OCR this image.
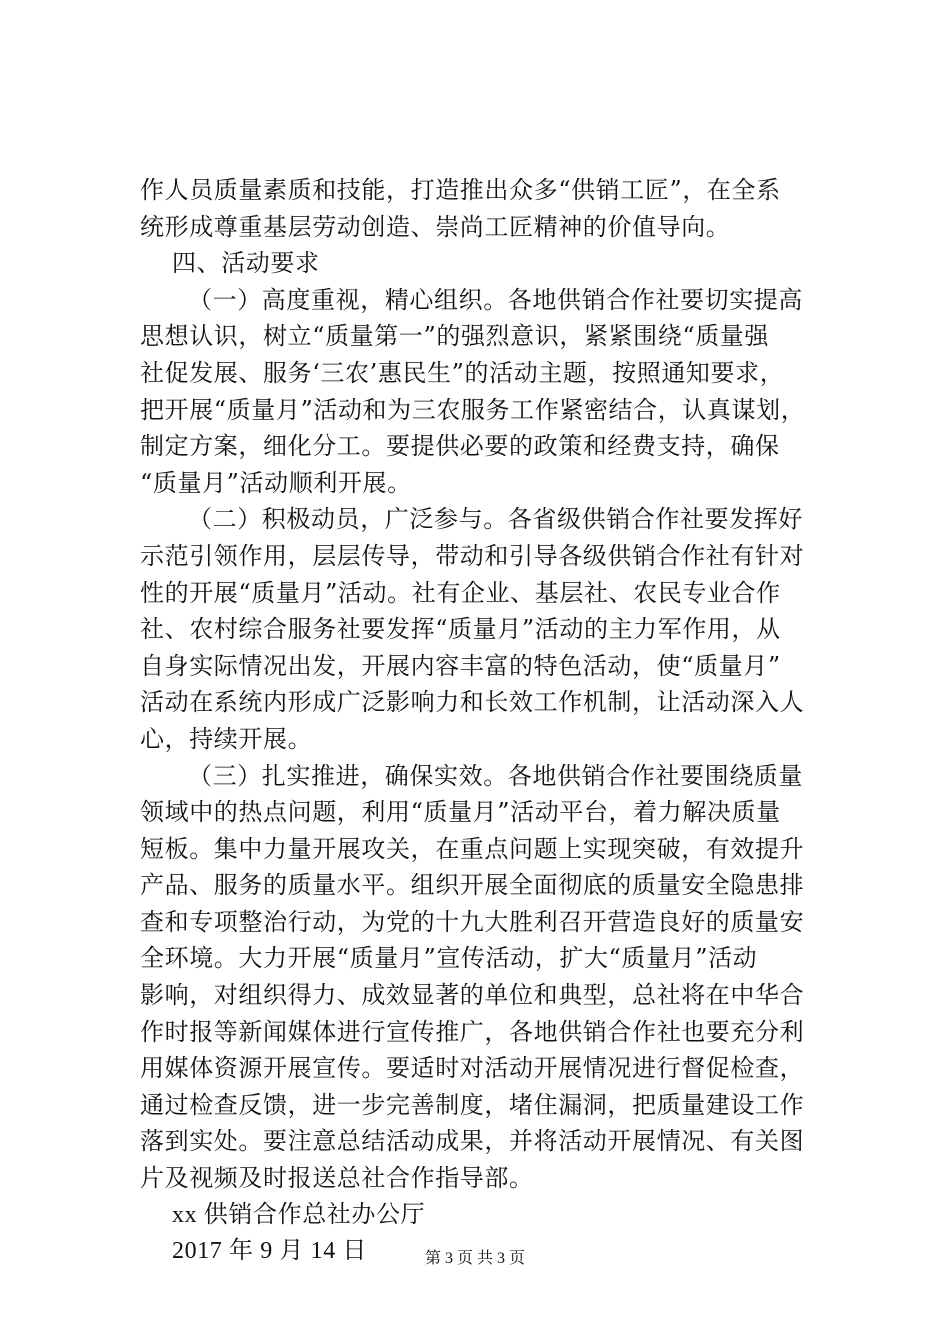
作人员质量素质和技能，打造推出众多“供销工匠”，在全系
统形成尊重基层劳动创造、崇尚工匠精神的价值导向。
四、活动要求
（一）高度重视，精心组织。各地供销合作社要切实提高
思想认识，树立“质量第一”的强烈意识，紧紧围绕“质量强
社促发展、服务‘三农’惠民生”的活动主题，按照通知要求，
把开展“质量月”活动和为三农服务工作紧密结合，认真谋划，
制定方案，细化分工。要提供必要的政策和经费支持，确保
“质量月”活动顺利开展。
（二）积极动员，广泛参与。各省级供销合作社要发挥好
示范引领作用，层层传导，带动和引导各级供销合作社有针对
性的开展“质量月”活动。社有企业、基层社、农民专业合作
社、农村综合服务社要发挥“质量月”活动的主力军作用，从
自身实际情况出发，开展内容丰富的特色活动，使“质量月”
活动在系统内形成广泛影响力和长效工作机制，让活动深入人
心，持续开展。
（三）扎实推进，确保实效。各地供销合作社要围绕质量
领域中的热点问题，利用“质量月”活动平台，着力解决质量
短板。集中力量开展攻关，在重点问题上实现突破，有效提升
产品、服务的质量水平。组织开展全面彻底的质量安全隐患排
查和专项整治行动，为党的十九大胜利召开营造良好的质量安
全环境。大力开展“质量月”宣传活动，扩大“质量月”活动
影响，对组织得力、成效显著的单位和典型，总社将在中华合
作时报等新闻媒体进行宣传推广，各地供销合作社也要充分利
用媒体资源开展宣传。要适时对活动开展情况进行督促检查，
通过检查反馈，进一步完善制度，堵住漏洞，把质量建设工作
落到实处。要注意总结活动成果，并将活动开展情况、有关图
片及视频及时报送总社合作指导部。
xx 供销合作总社办公厅
2017 年 9 月 14 日	第 3 页 共 3 页
